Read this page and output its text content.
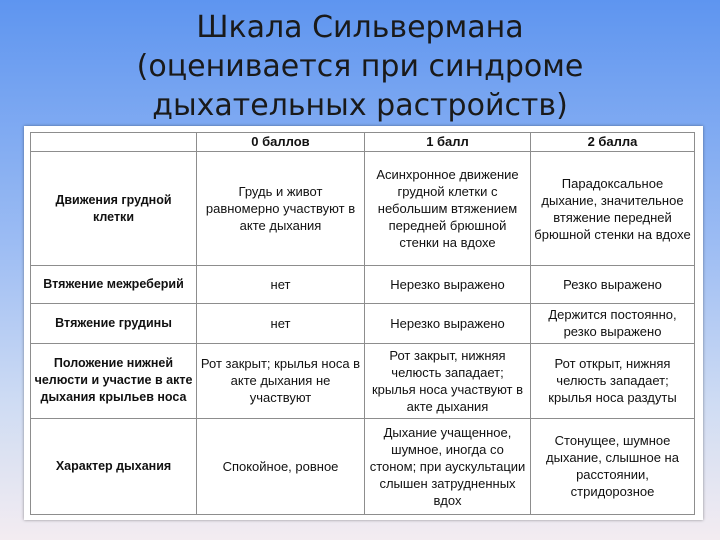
Шкала Сильвермана
(оценивается при синдроме
дыхательных растройств)
	0 баллов	1 балл	2 балла
Движения грудной клетки	Грудь и живот равномерно участвуют в акте дыхания	Асинхронное движение грудной клетки с небольшим втяжением передней брюшной стенки на вдохе	Парадоксальное дыхание, значительное втяжение передней брюшной стенки на вдохе
Втяжение межреберий	нет	Нерезко выражено	Резко выражено
Втяжение грудины	нет	Нерезко выражено	Держится постоянно, резко выражено
Положение нижней челюсти и участие в акте дыхания крыльев носа	Рот закрыт; крылья носа в акте дыхания не участвуют	Рот закрыт, нижняя челюсть западает; крылья носа участвуют в акте дыхания	Рот открыт, нижняя челюсть западает; крылья носа раздуты
Характер дыхания	Спокойное, ровное	Дыхание учащенное, шумное, иногда со стоном; при аускультации слышен затрудненных вдох	Стонущее, шумное дыхание, слышное на расстоянии, стридорозное
